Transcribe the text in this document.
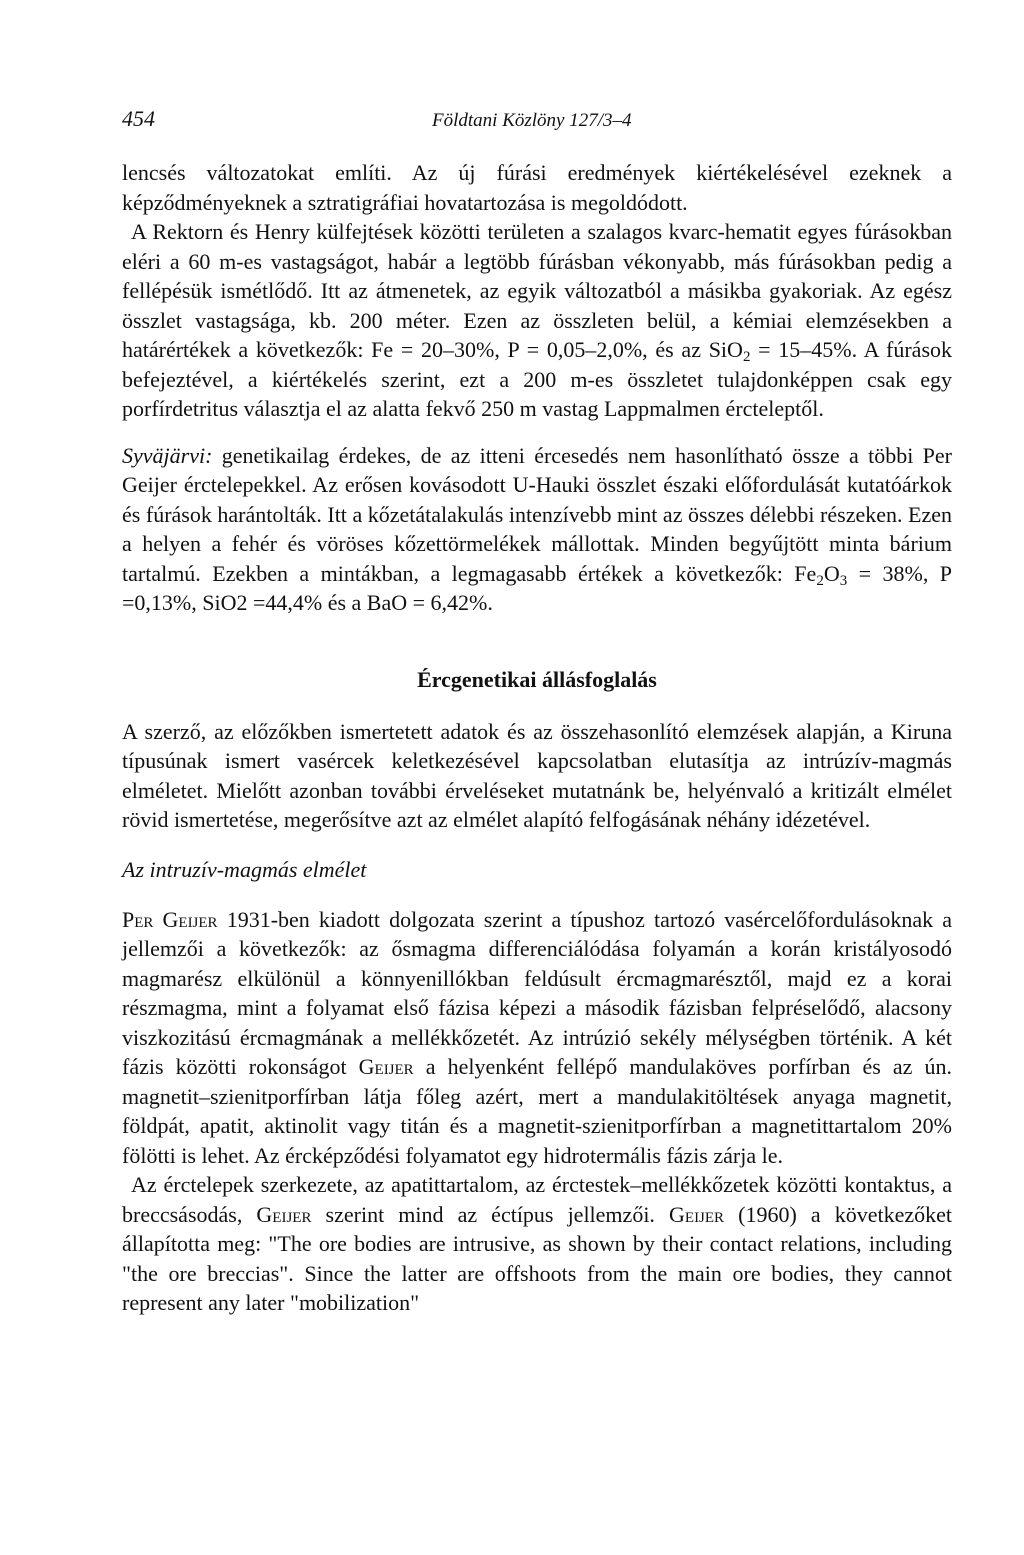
454	Földtani Közlöny 127/3–4

lencsés változatokat említi. Az új fúrási eredmények kiértékelésével ezeknek a képződményeknek a sztratigráfiai hovatartozása is megoldódott.

A Rektorn és Henry külfejtések közötti területen a szalagos kvarc-hematit egyes fúrásokban eléri a 60 m-es vastagságot, habár a legtöbb fúrásban vékonyabb, más fúrásokban pedig a fellépésük ismétlődő. Itt az átmenetek, az egyik változatból a másikba gyakoriak. Az egész összlet vastagsága, kb. 200 méter. Ezen az összleten belül, a kémiai elemzésekben a határértékek a következők: Fe = 20–30%, P = 0,05–2,0%, és az SiO$_2$ = 15–45%. A fúrások befejeztével, a kiértékelés szerint, ezt a 200 m-es összletet tulajdonképpen csak egy porfírdetritus választja el az alatta fekvő 250 m vastag Lappmalmen ércteleptől.

Syväjärvi: genetikailag érdekes, de az itteni ércesedés nem hasonlítható össze a többi Per Geijer érctelepekkel. Az erősen kovásodott U-Hauki összlet északi előfordulását kutatóárkok és fúrások harántolták. Itt a kőzetátalakulás intenzívebb mint az összes délebbi részeken. Ezen a helyen a fehér és vöröses kőzettörmelékek mállottak. Minden begyűjtött minta bárium tartalmú. Ezekben a mintákban, a legmagasabb értékek a következők: $Fe_2O_3 = 38\%$, P =0,13%, SiO2 =44,4% és a BaO = 6,42%.

Ércgenetikai állásfoglalás

A szerző, az előzőkben ismertetett adatok és az összehasonlító elemzések alapján, a Kiruna típusúnak ismert vasércek keletkezésével kapcsolatban elutasítja az intrúzív-magmás elméletet. Mielőtt azonban további érveléseket mutatnánk be, helyénvaló a kritizált elmélet rövid ismertetése, megerősítve azt az elmélet alapító felfogásának néhány idézetével.

Az intruzív-magmás elmélet

Per Geijer 1931-ben kiadott dolgozata szerint a típushoz tartozó vasércelőfordulásoknak a jellemzői a következők: az ősmagma differenciálódása folyamán a korán kristályosodó magmarész elkülönül a könnyenillókban feldúsult ércmagmarésztől, majd ez a korai részmagma, mint a folyamat első fázisa képezi a második fázisban felpréselődő, alacsony viszkozitású ércmagmának a mellékkőzetét. Az intrúzió sekély mélységben történik. A két fázis közötti rokonságot Geijer a helyenként fellépő mandulaköves porfírban és az ún. magnetit–szienitporfírban látja főleg azért, mert a mandulakitöltések anyaga magnetit, földpát, apatit, aktinolit vagy titán és a magnetit-szienitporfírban a magnetittartalom 20% fölötti is lehet. Az ércképződési folyamatot egy hidrotermális fázis zárja le.

Az érctelepek szerkezete, az apatittartalom, az érctestek–mellékkőzetek közötti kontaktus, a breccsásodás, Geijer szerint mind az éctípus jellemzői. Geijer (1960) a következőket állapította meg: "The ore bodies are intrusive, as shown by their contact relations, including "the ore breccias". Since the latter are offshoots from the main ore bodies, they cannot represent any later "mobilization"
